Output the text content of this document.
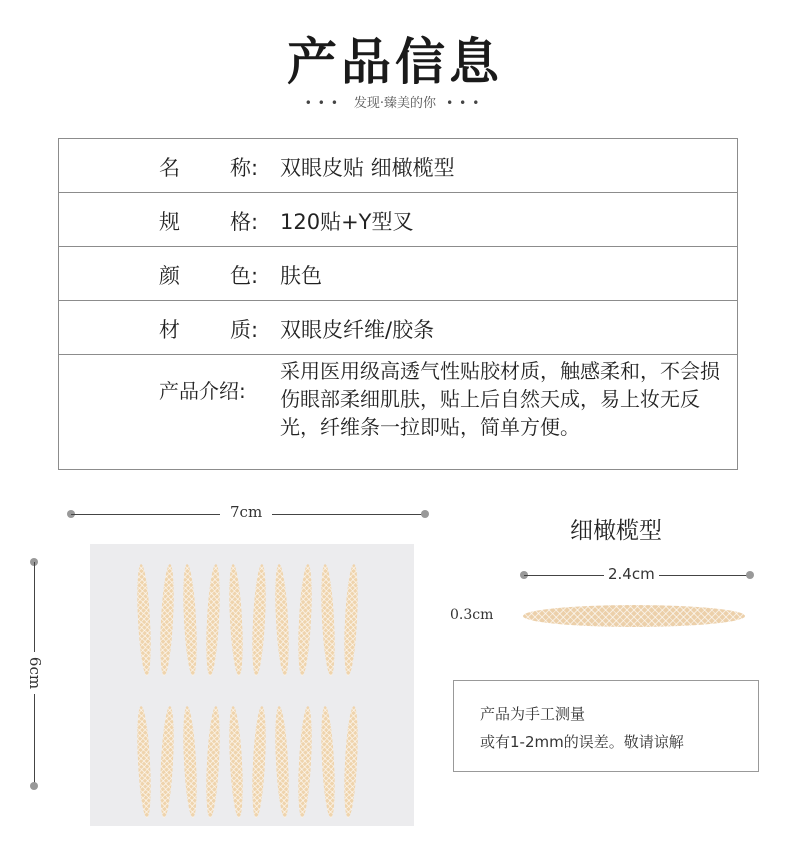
产品信息
••• 发现·臻美的你 •••
名 称: 双眼皮贴 细橄榄型
规 格: 120贴+Y型叉
颜 色: 肤色
材 质: 双眼皮纤维/胶条
产品介绍:
采用医用级高透气性贴胶材质，触感柔和，不会损伤眼部柔细肌肤，贴上后自然天成，易上妆无反光，纤维条一拉即贴，简单方便。
7cm
6cm
细橄榄型
2.4cm
0.3cm
产品为手工测量
或有1-2mm的误差。敬请谅解
